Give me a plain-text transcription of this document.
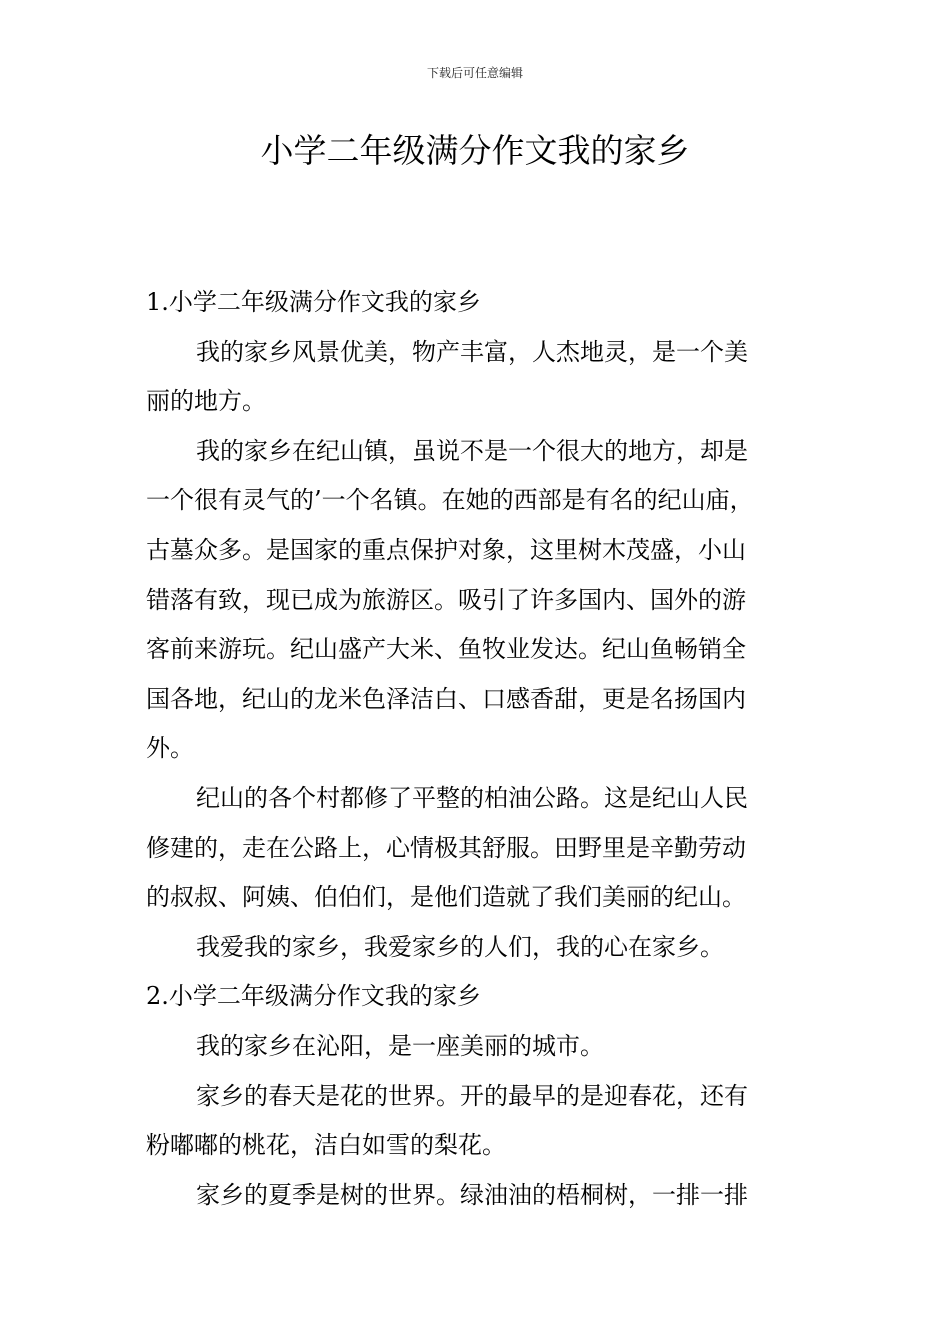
下载后可任意编辑
小学二年级满分作文我的家乡
1.小学二年级满分作文我的家乡
我的家乡风景优美，物产丰富，人杰地灵，是一个美
丽的地方。
我的家乡在纪山镇，虽说不是一个很大的地方，却是
一个很有灵气的’一个名镇。在她的西部是有名的纪山庙，
古墓众多。是国家的重点保护对象，这里树木茂盛，小山
错落有致，现已成为旅游区。吸引了许多国内、国外的游
客前来游玩。纪山盛产大米、鱼牧业发达。纪山鱼畅销全
国各地，纪山的龙米色泽洁白、口感香甜，更是名扬国内
外。
纪山的各个村都修了平整的柏油公路。这是纪山人民
修建的，走在公路上，心情极其舒服。田野里是辛勤劳动
的叔叔、阿姨、伯伯们，是他们造就了我们美丽的纪山。
我爱我的家乡，我爱家乡的人们，我的心在家乡。
2.小学二年级满分作文我的家乡
我的家乡在沁阳，是一座美丽的城市。
家乡的春天是花的世界。开的最早的是迎春花，还有
粉嘟嘟的桃花，洁白如雪的梨花。
家乡的夏季是树的世界。绿油油的梧桐树，一排一排
